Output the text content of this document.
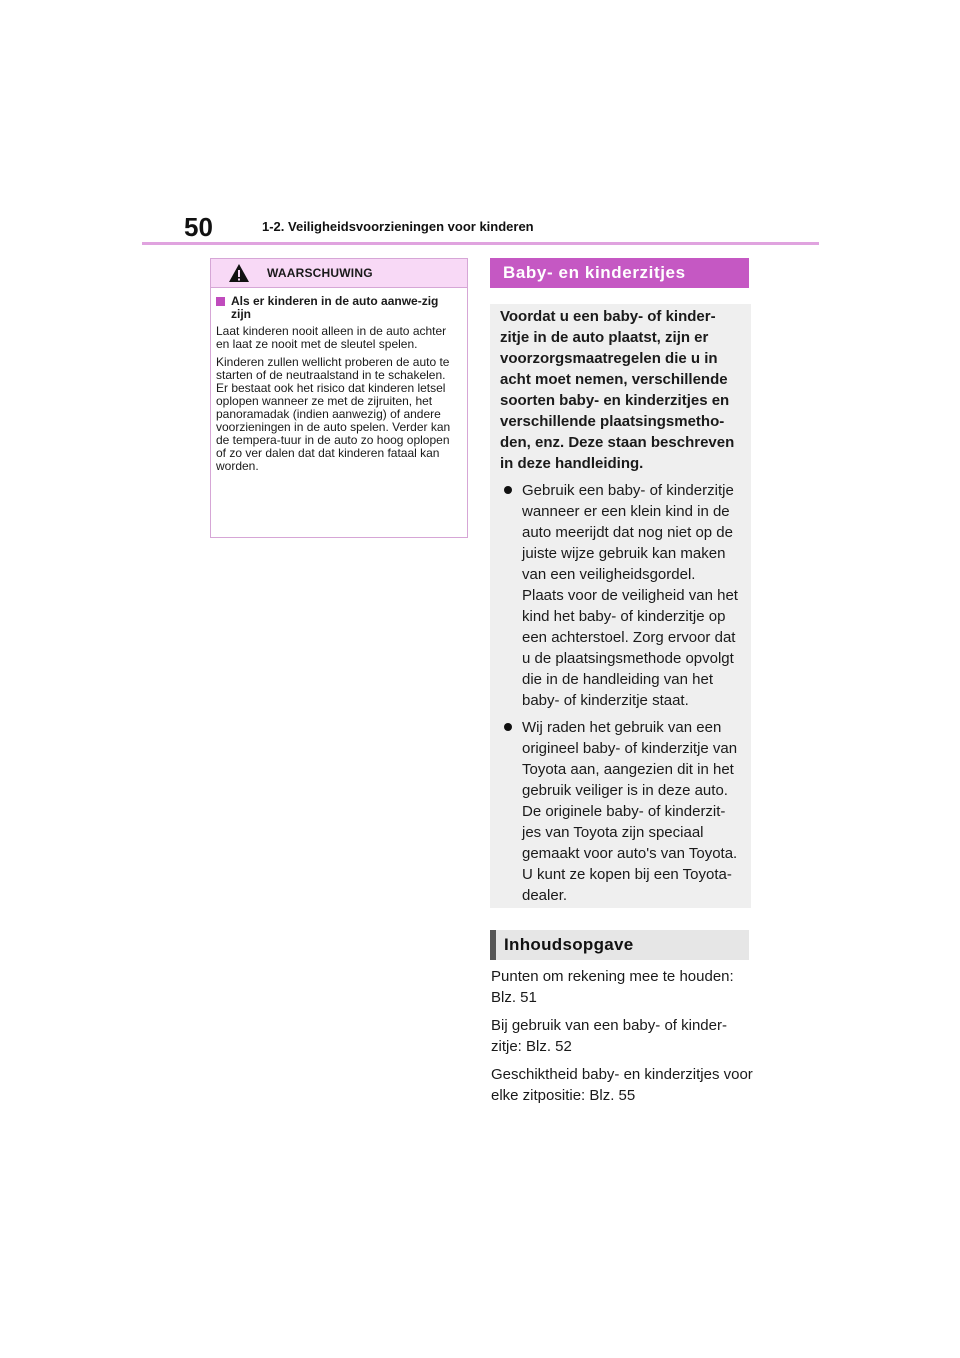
50	1-2. Veiligheidsvoorzieningen voor kinderen
WAARSCHUWING
Als er kinderen in de auto aanwe-zig zijn

Laat kinderen nooit alleen in de auto achter en laat ze nooit met de sleutel spelen.

Kinderen zullen wellicht proberen de auto te starten of de neutraalstand in te schakelen. Er bestaat ook het risico dat kinderen letsel oplopen wanneer ze met de zijruiten, het panoramadak (indien aanwezig) of andere voorzieningen in de auto spelen. Verder kan de tempera-tuur in de auto zo hoog oplopen of zo ver dalen dat dat kinderen fataal kan worden.

Baby- en kinderzitjes

Voordat u een baby- of kinder-zitje in de auto plaatst, zijn er voorzorgsmaatregelen die u in acht moet nemen, verschillende soorten baby- en kinderzitjes en verschillende plaatsingsmetho-den, enz. Deze staan beschreven in deze handleiding.

Gebruik een baby- of kinderzitje wanneer er een klein kind in de auto meerijdt dat nog niet op de juiste wijze gebruik kan maken van een veiligheidsgordel. Plaats voor de veiligheid van het kind het baby- of kinderzitje op een achterstoel. Zorg ervoor dat u de plaatsingsmethode opvolgt die in de handleiding van het baby- of kinderzitje staat.

Wij raden het gebruik van een origineel baby- of kinderzitje van Toyota aan, aangezien dit in het gebruik veiliger is in deze auto. De originele baby- of kinderzit-jes van Toyota zijn speciaal gemaakt voor auto's van Toyota. U kunt ze kopen bij een Toyota-dealer.

Inhoudsopgave

Punten om rekening mee te houden: Blz. 51

Bij gebruik van een baby- of kinder-zitje: Blz. 52

Geschiktheid baby- en kinderzitjes voor elke zitpositie: Blz. 55
